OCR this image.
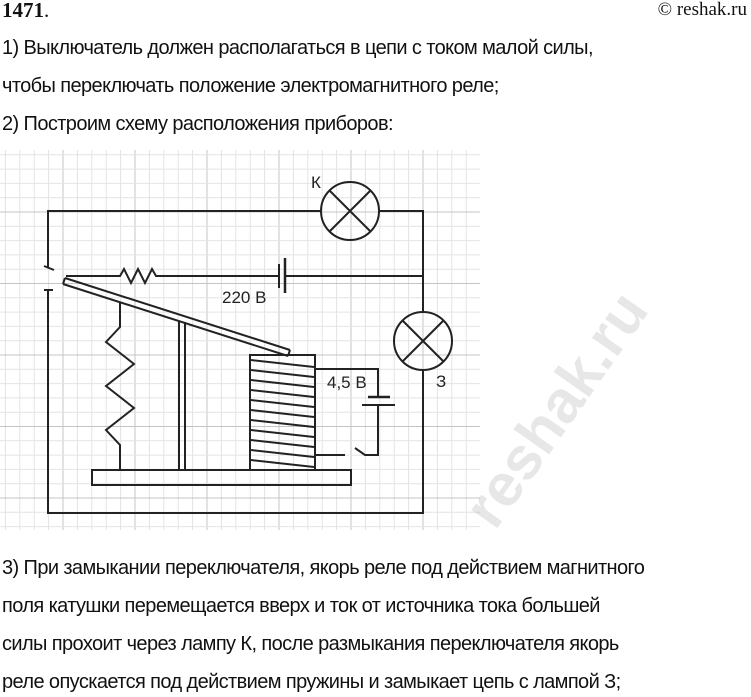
1471.	© reshak.ru
1) Выключатель должен располагаться в цепи с током малой силы,
чтобы переключать положение электромагнитного реле;
2) Построим схему расположения приборов:
К
З
220 В
4,5 В
3) При замыкании переключателя, якорь реле под действием магнитного
поля катушки перемещается вверх и ток от источника тока большей
силы прохоит через лампу К, после размыкания переключателя якорь
реле опускается под действием пружины и замыкает цепь с лампой З;
reshak.ru
